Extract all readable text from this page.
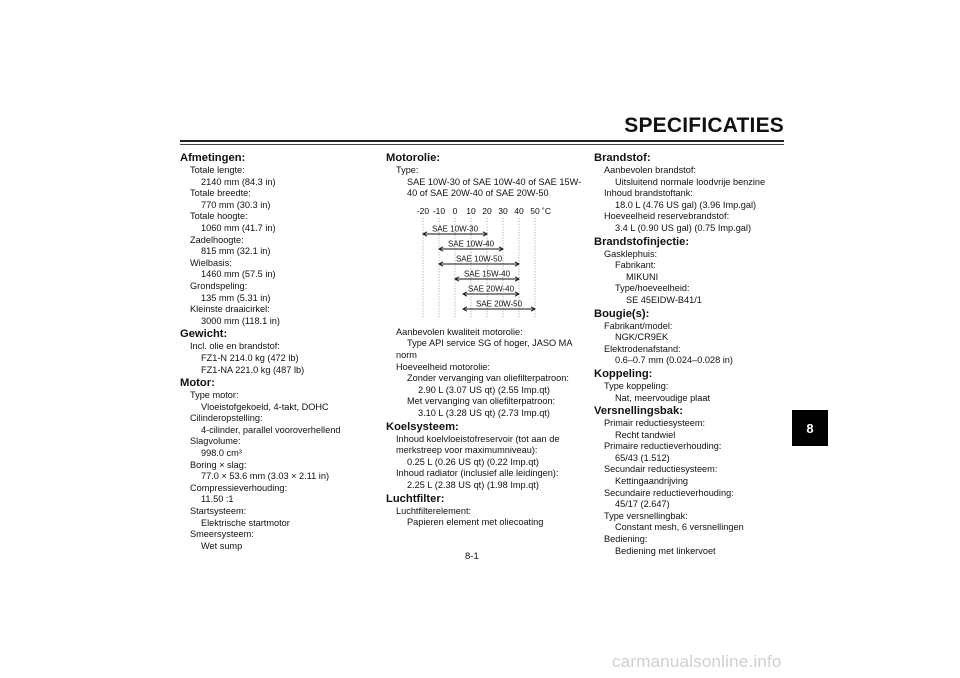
SPECIFICATIES
Afmetingen:
Totale lengte:
2140 mm (84.3 in)
Totale breedte:
770 mm (30.3 in)
Totale hoogte:
1060 mm (41.7 in)
Zadelhoogte:
815 mm (32.1 in)
Wielbasis:
1460 mm (57.5 in)
Grondspeling:
135 mm (5.31 in)
Kleinste draaicirkel:
3000 mm (118.1 in)
Gewicht:
Incl. olie en brandstof:
FZ1-N 214.0 kg (472 lb)
FZ1-NA 221.0 kg (487 lb)
Motor:
Type motor:
Vloeistofgekoeld, 4-takt, DOHC
Cilinderopstelling:
4-cilinder, parallel vooroverhellend
Slagvolume:
998.0 cm³
Boring × slag:
77.0 × 53.6 mm (3.03 × 2.11 in)
Compressieverhouding:
11.50 :1
Startsysteem:
Elektrische startmotor
Smeersysteem:
Wet sump
Motorolie:
Type:
SAE 10W-30 of SAE 10W-40 of SAE 15W-
40 of SAE 20W-40 of SAE 20W-50
-20 -10 0 10 20 30 40 50 ˚C
SAE 10W-30
SAE 10W-40
SAE 10W-50
SAE 15W-40
SAE 20W-40
SAE 20W-50
Aanbevolen kwaliteit motorolie:
Type API service SG of hoger, JASO MA
norm
Hoeveelheid motorolie:
Zonder vervanging van oliefilterpatroon:
2.90 L (3.07 US qt) (2.55 Imp.qt)
Met vervanging van oliefilterpatroon:
3.10 L (3.28 US qt) (2.73 Imp.qt)
Koelsysteem:
Inhoud koelvloeistofreservoir (tot aan de
merkstreep voor maximumniveau):
0.25 L (0.26 US qt) (0.22 Imp.qt)
Inhoud radiator (inclusief alle leidingen):
2.25 L (2.38 US qt) (1.98 Imp.qt)
Luchtfilter:
Luchtfilterelement:
Papieren element met oliecoating
Brandstof:
Aanbevolen brandstof:
Uitsluitend normale loodvrije benzine
Inhoud brandstoftank:
18.0 L (4.76 US gal) (3.96 Imp.gal)
Hoeveelheid reservebrandstof:
3.4 L (0.90 US gal) (0.75 Imp.gal)
Brandstofinjectie:
Gasklephuis:
Fabrikant:
MIKUNI
Type/hoeveelheid:
SE 45EIDW-B41/1
Bougie(s):
Fabrikant/model:
NGK/CR9EK
Elektrodenafstand:
0.6–0.7 mm (0.024–0.028 in)
Koppeling:
Type koppeling:
Nat, meervoudige plaat
Versnellingsbak:
Primair reductiesysteem:
Recht tandwiel
Primaire reductieverhouding:
65/43 (1.512)
Secundair reductiesysteem:
Kettingaandrijving
Secundaire reductieverhouding:
45/17 (2.647)
Type versnellingbak:
Constant mesh, 6 versnellingen
Bediening:
Bediening met linkervoet
8
8-1
carmanualsonline.info
